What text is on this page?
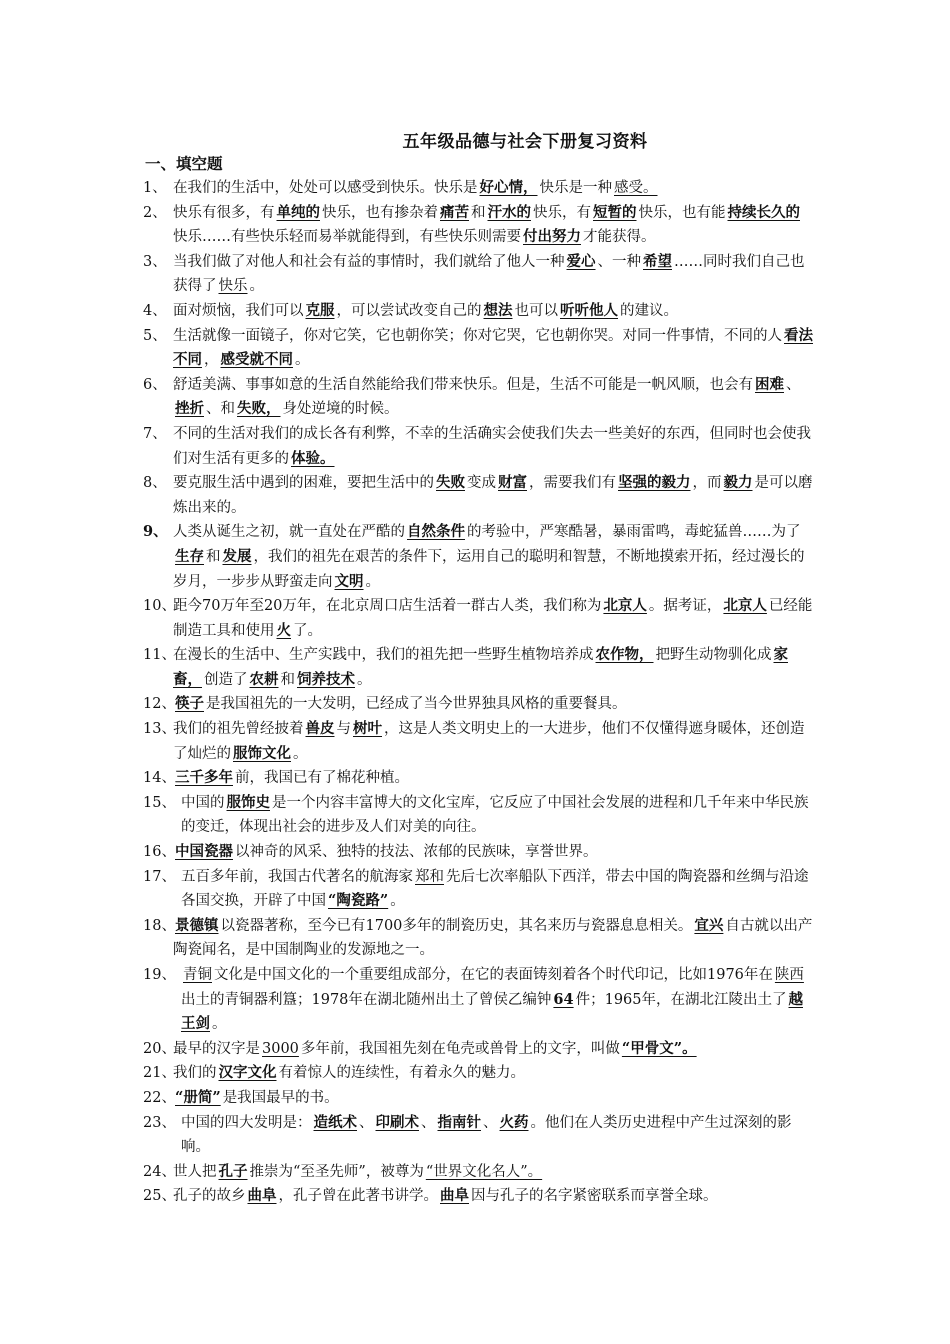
五年级品德与社会下册复习资料

一、填空题

1、 在我们的生活中，处处可以感受到快乐。快乐是 好心情， 快乐是一种 感受。
2、 快乐有很多，有 单纯的 快乐，也有掺杂着 痛苦 和 汗水的 快乐，有 短暂的 快乐，也有能 持续长久的快乐……有些快乐轻而易举就能得到，有些快乐则需要 付出努力 才能获得。
3、 当我们做了对他人和社会有益的事情时，我们就给了他人一种 爱心 、一种 希望 ……同时我们自己也获得了 快乐 。
4、 面对烦恼，我们可以 克服 ，可以尝试改变自己的 想法 也可以 听听他人 的建议。
5、 生活就像一面镜子，你对它笑，它也朝你笑；你对它哭，它也朝你哭。对同一件事情，不同的人 看法不同 ， 感受就不同 。
6、 舒适美满、事事如意的生活自然能给我们带来快乐。但是，生活不可能是一帆风顺，也会有 困难 、挫折 、和 失败， 身处逆境的时候。
7、 不同的生活对我们的成长各有利弊，不幸的生活确实会使我们失去一些美好的东西，但同时也会使我们对生活有更多的 体验。
8、 要克服生活中遇到的困难，要把生活中的 失败 变成 财富 ，需要我们有 坚强的毅力 ，而 毅力 是可以磨炼出来的。
9、 人类从诞生之初，就一直处在严酷的 自然条件 的考验中，严寒酷暑，暴雨雷鸣，毒蛇猛兽……为了生存 和 发展 ，我们的祖先在艰苦的条件下，运用自己的聪明和智慧，不断地摸索开拓，经过漫长的岁月，一步步从野蛮走向 文明 。
10、
距今70万年至20万年，在北京周口店生活着一群古人类，我们称为 北京人 。据考证， 北京人 已经能制造工具和使用 火 了。
11、
在漫长的生活中、生产实践中，我们的祖先把一些野生植物培养成 农作物， 把野生动物驯化成 家畜， 创造了 农耕 和 饲养技术 。
12、 筷子 是我国祖先的一大发明，已经成了当今世界独具风格的重要餐具。
13、
我们的祖先曾经披着 兽皮 与 树叶 ，这是人类文明史上的一大进步，他们不仅懂得遮身暖体，还创造了灿烂的 服饰文化 。
14、 三千多年 前，我国已有了棉花种植。
15、 中国的 服饰史 是一个内容丰富博大的文化宝库，它反应了中国社会发展的进程和几千年来中华民族的变迁，体现出社会的进步及人们对美的向往。
16、 中国瓷器 以神奇的风采、独特的技法、浓郁的民族味，享誉世界。
17、 五百多年前，我国古代著名的航海家 郑和 先后七次率船队下西洋，带去中国的陶瓷器和丝绸与沿途各国交换，开辟了中国 “陶瓷路” 。
18、 景德镇 以瓷器著称，至今已有1700多年的制瓷历史，其名来历与瓷器息息相关。 宜兴 自古就以出产陶瓷闻名，是中国制陶业的发源地之一。
19、 青铜 文化是中国文化的一个重要组成部分，在它的表面铸刻着各个时代印记，比如1976年在 陕西出土的青铜器利簋；1978年在湖北随州出土了曾侯乙编钟 64 件；1965年，在湖北江陵出土了 越王剑 。
20、
最早的汉字是 3000 多年前，我国祖先刻在龟壳或兽骨上的文字，叫做 “甲骨文”。
21、
我们的 汉字文化 有着惊人的连续性，有着永久的魅力。
22、 “册简” 是我国最早的书。
23、 中国的四大发明是： 造纸术 、 印刷术 、 指南针 、 火药 。他们在人类历史进程中产生过深刻的影响。
24、
世人把 孔子 推崇为“至圣先师”，被尊为 “世界文化名人”。
25、
孔子的故乡 曲阜 ，孔子曾在此著书讲学。 曲阜 因与孔子的名字紧密联系而享誉全球。
